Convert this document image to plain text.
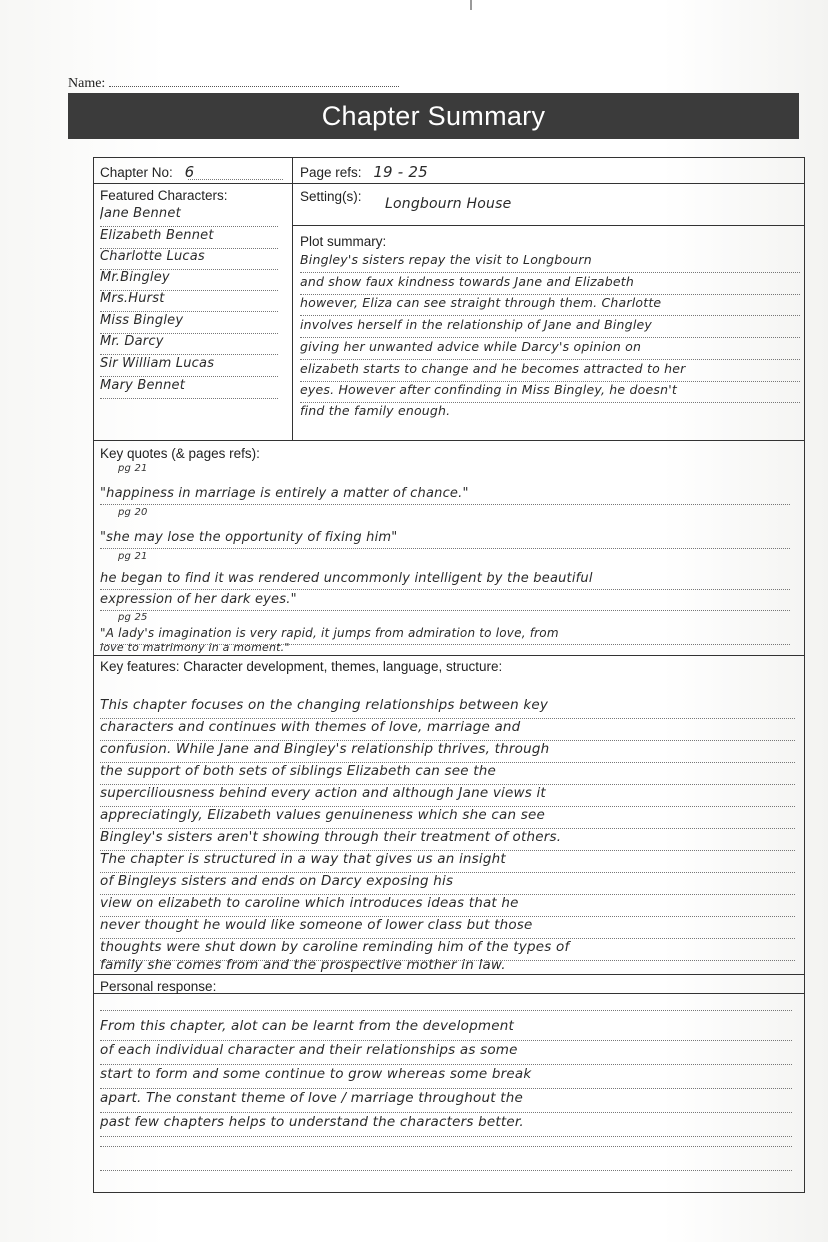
Name:
Chapter Summary
Chapter No: 6	Page refs: 19 - 25
Featured Characters:
Jane Bennet
Elizabeth Bennet
Charlotte Lucas
Mr.Bingley
Mrs.Hurst
Miss Bingley
Mr. Darcy
Sir William Lucas
Mary Bennet
Setting(s): Longbourn House
Plot summary:
Bingley's sisters repay the visit to Longbourn
and show faux kindness towards Jane and Elizabeth
however, Eliza can see straight through them. Charlotte
involves herself in the relationship of Jane and Bingley
giving her unwanted advice while Darcy's opinion on
elizabeth starts to change and he becomes attracted to her
eyes. However after confinding in Miss Bingley, he doesn't
find the family enough.
Key quotes (& pages refs):
pg 21
"happiness in marriage is entirely a matter of chance."
pg 20
"she may lose the opportunity of fixing him"
pg 21
he began to find it was rendered uncommonly intelligent by the beautiful
expression of her dark eyes."
pg 25
"A lady's imagination is very rapid, it jumps from admiration to love, from
love to matrimony in a moment."
Key features: Character development, themes, language, structure:
This chapter focuses on the changing relationships between key
characters and continues with themes of love, marriage and
confusion. While Jane and Bingley's relationship thrives, through
the support of both sets of siblings Elizabeth can see the
superciliousness behind every action and although Jane views it
appreciatingly, Elizabeth values genuineness which she can see
Bingley's sisters aren't showing through their treatment of others.
The chapter is structured in a way that gives us an insight
of Bingleys sisters and ends on Darcy exposing his
view on elizabeth to caroline which introduces ideas that he
never thought he would like someone of lower class but those
thoughts were shut down by caroline reminding him of the types of
family she comes from and the prospective mother in law.
Personal response:
From this chapter, alot can be learnt from the development
of each individual character and their relationships as some
start to form and some continue to grow whereas some break
apart. The constant theme of love / marriage throughout the
past few chapters helps to understand the characters better.
